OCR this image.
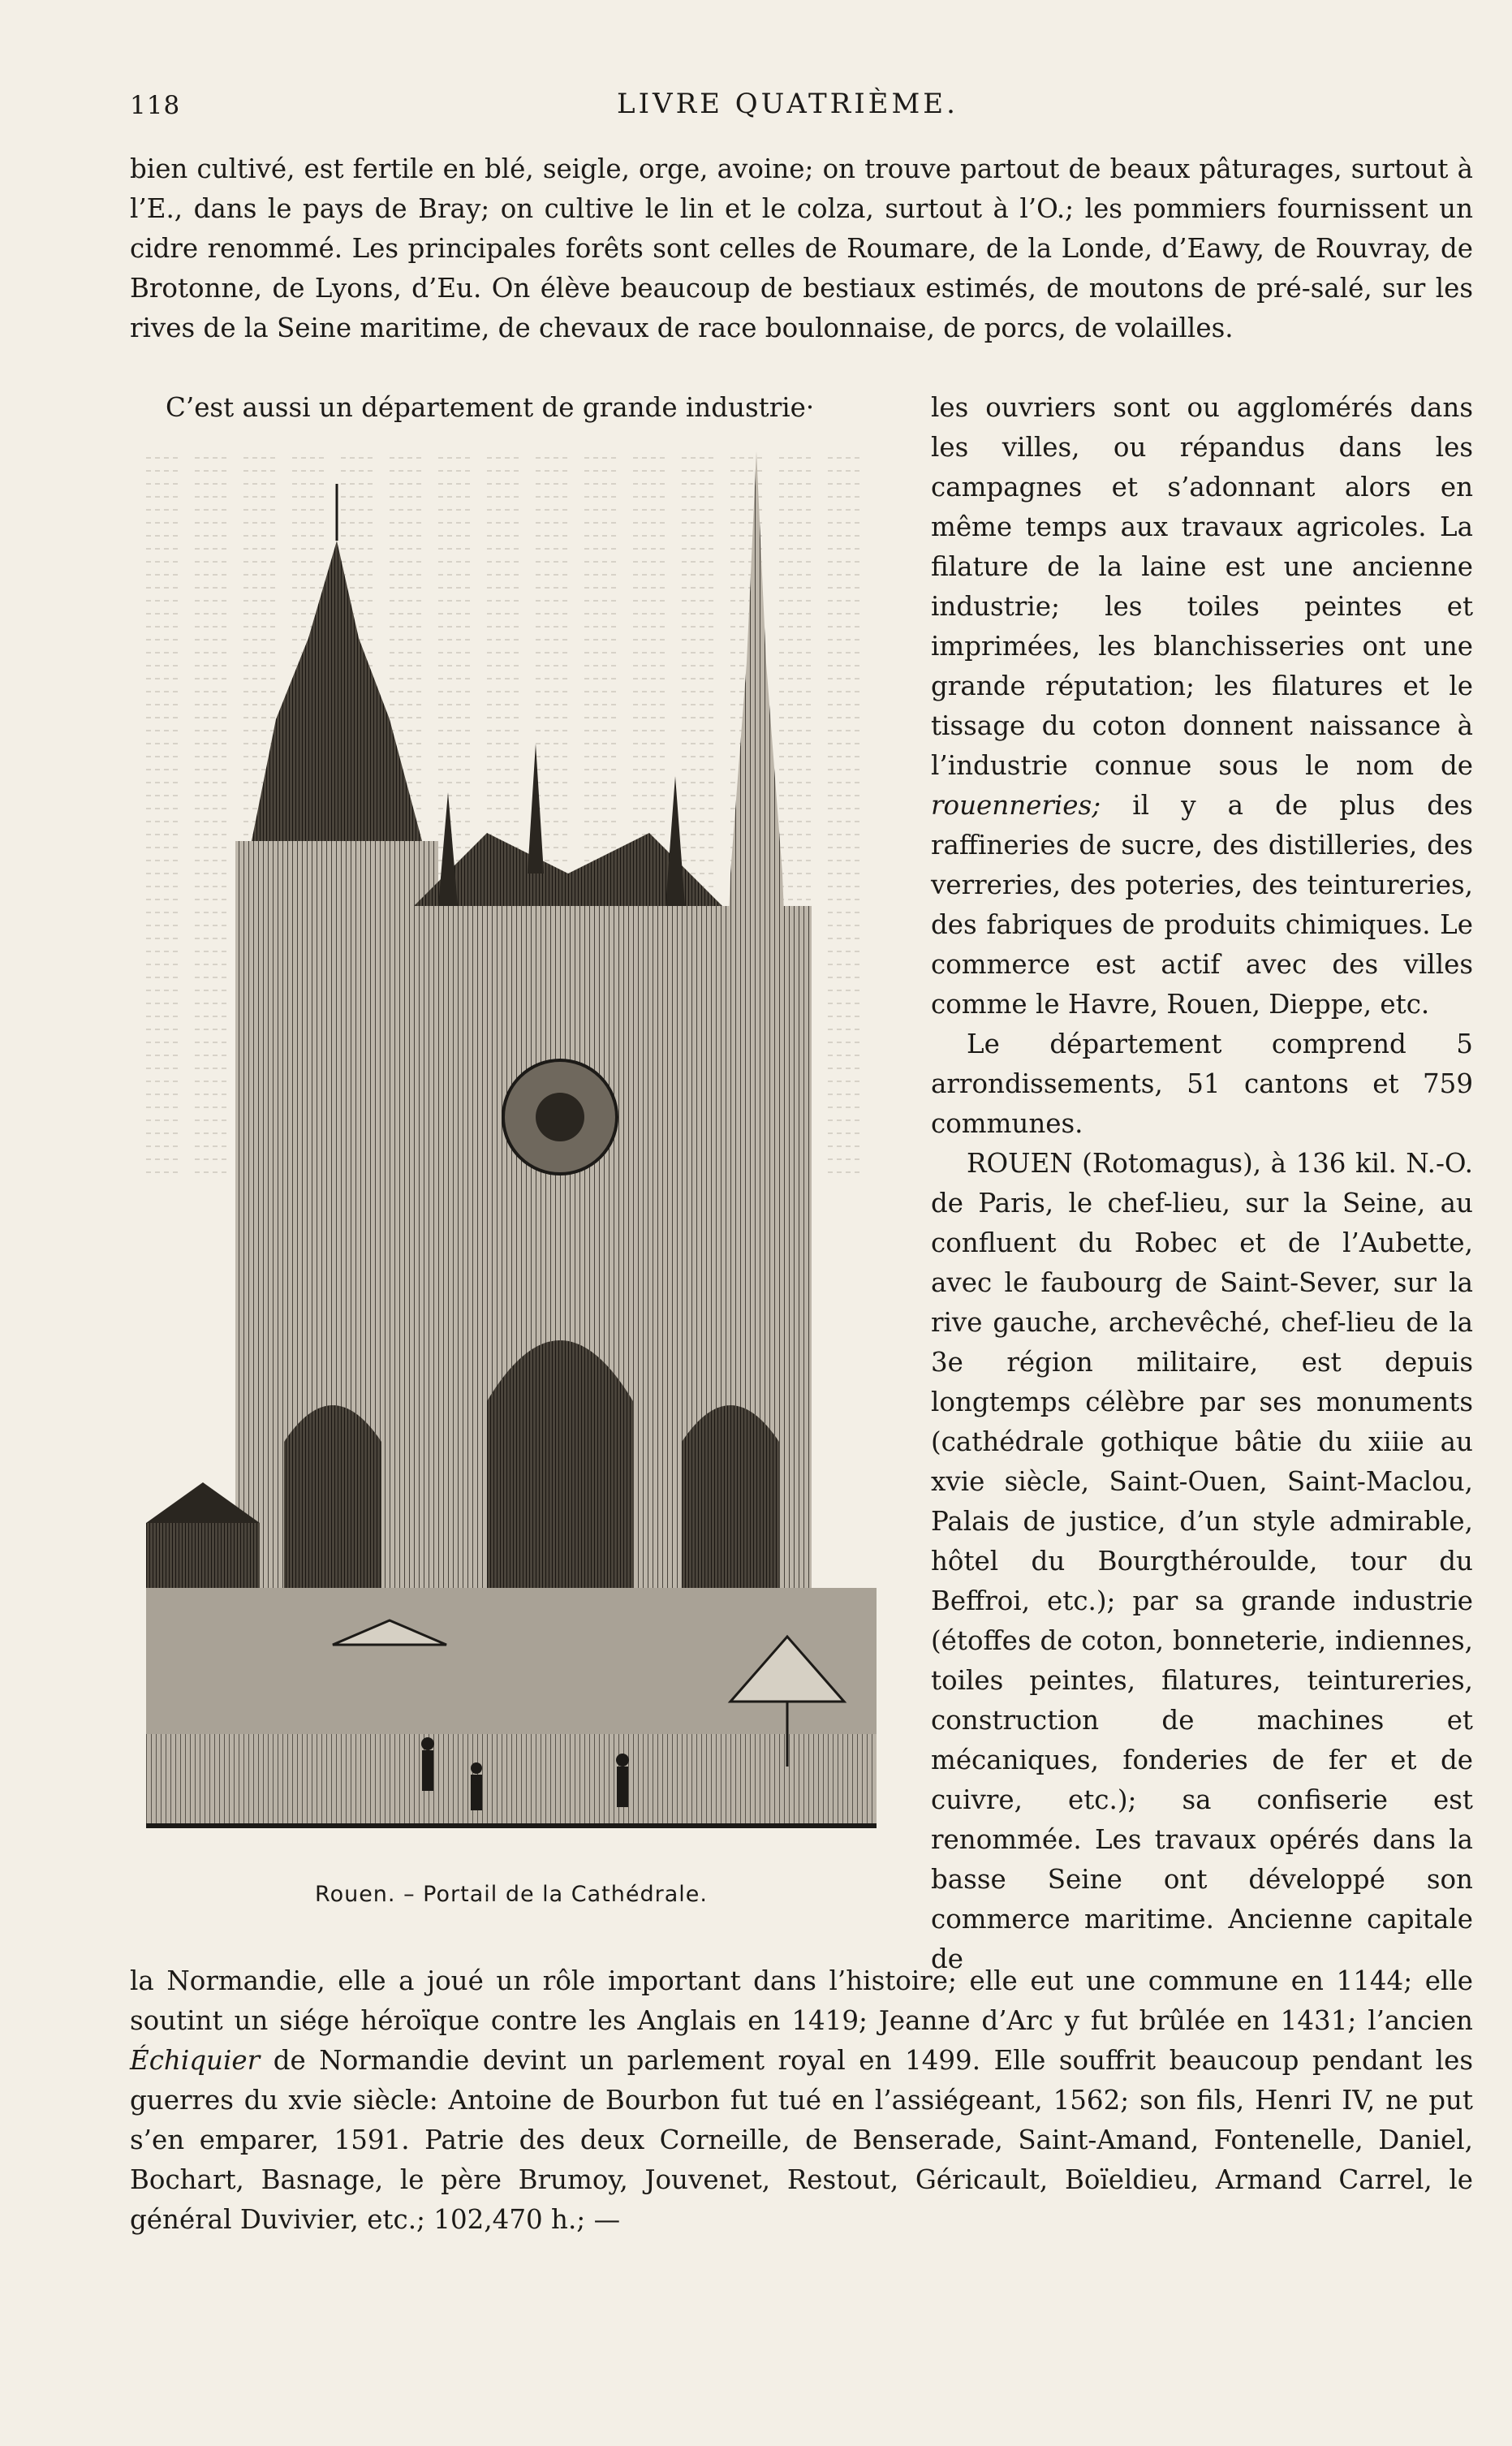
118	LIVRE QUATRIÈME.

bien cultivé, est fertile en blé, seigle, orge, avoine; on trouve partout de beaux pâturages, surtout à l’E., dans le pays de Bray; on cultive le lin et le colza, surtout à l’O.; les pommiers fournissent un cidre renommé. Les principales forêts sont celles de Roumare, de la Londe, d’Eawy, de Rouvray, de Brotonne, de Lyons, d’Eu. On élève beaucoup de bestiaux estimés, de moutons de pré-salé, sur les rives de la Seine maritime, de chevaux de race boulonnaise, de porcs, de volailles.

C’est aussi un département de grande industrie·	les ouvriers sont ou agglomérés dans les villes, ou répandus dans les campagnes et s’adonnant alors en même temps aux travaux agricoles. La filature de la laine est une ancienne industrie; les toiles peintes et imprimées, les blanchisseries ont une grande réputation; les filatures et le tissage du coton donnent naissance à l’industrie connue sous le nom de rouenneries; il y a de plus des raffineries de sucre, des distilleries, des verreries, des poteries, des teintureries, des fabriques de produits chimiques. Le commerce est actif avec des villes comme le Havre, Rouen, Dieppe, etc.

Le département comprend 5 arrondissements, 51 cantons et 759 communes.

ROUEN (Rotomagus), à 136 kil. N.-O. de Paris, le chef-lieu, sur la Seine, au confluent du Robec et de l’Aubette, avec le faubourg de Saint-Sever, sur la rive gauche, archevêché, chef-lieu de la 3e région militaire, est depuis longtemps célèbre par ses monuments (cathédrale gothique bâtie du xiiie au xvie siècle, Saint-Ouen, Saint-Maclou, Palais de justice, d’un style admirable, hôtel du Bourgthéroulde, tour du Beffroi, etc.); par sa grande industrie (étoffes de coton, bonneterie, indiennes, toiles peintes, filatures, teintureries, construction de machines et mécaniques, fonderies de fer et de cuivre, etc.); sa confiserie est renommée. Les travaux opérés dans la basse Seine ont développé son commerce maritime. Ancienne capitale de

Rouen. – Portail de la Cathédrale.

la Normandie, elle a joué un rôle important dans l’histoire; elle eut une commune en 1144; elle soutint un siége héroïque contre les Anglais en 1419; Jeanne d’Arc y fut brûlée en 1431; l’ancien Échiquier de Normandie devint un parlement royal en 1499. Elle souffrit beaucoup pendant les guerres du xvie siècle: Antoine de Bourbon fut tué en l’assiégeant, 1562; son fils, Henri IV, ne put s’en emparer, 1591. Patrie des deux Corneille, de Benserade, Saint-Amand, Fontenelle, Daniel, Bochart, Basnage, le père Brumoy, Jouvenet, Restout, Géricault, Boïeldieu, Armand Carrel, le général Duvivier, etc.; 102,470 h.; —
